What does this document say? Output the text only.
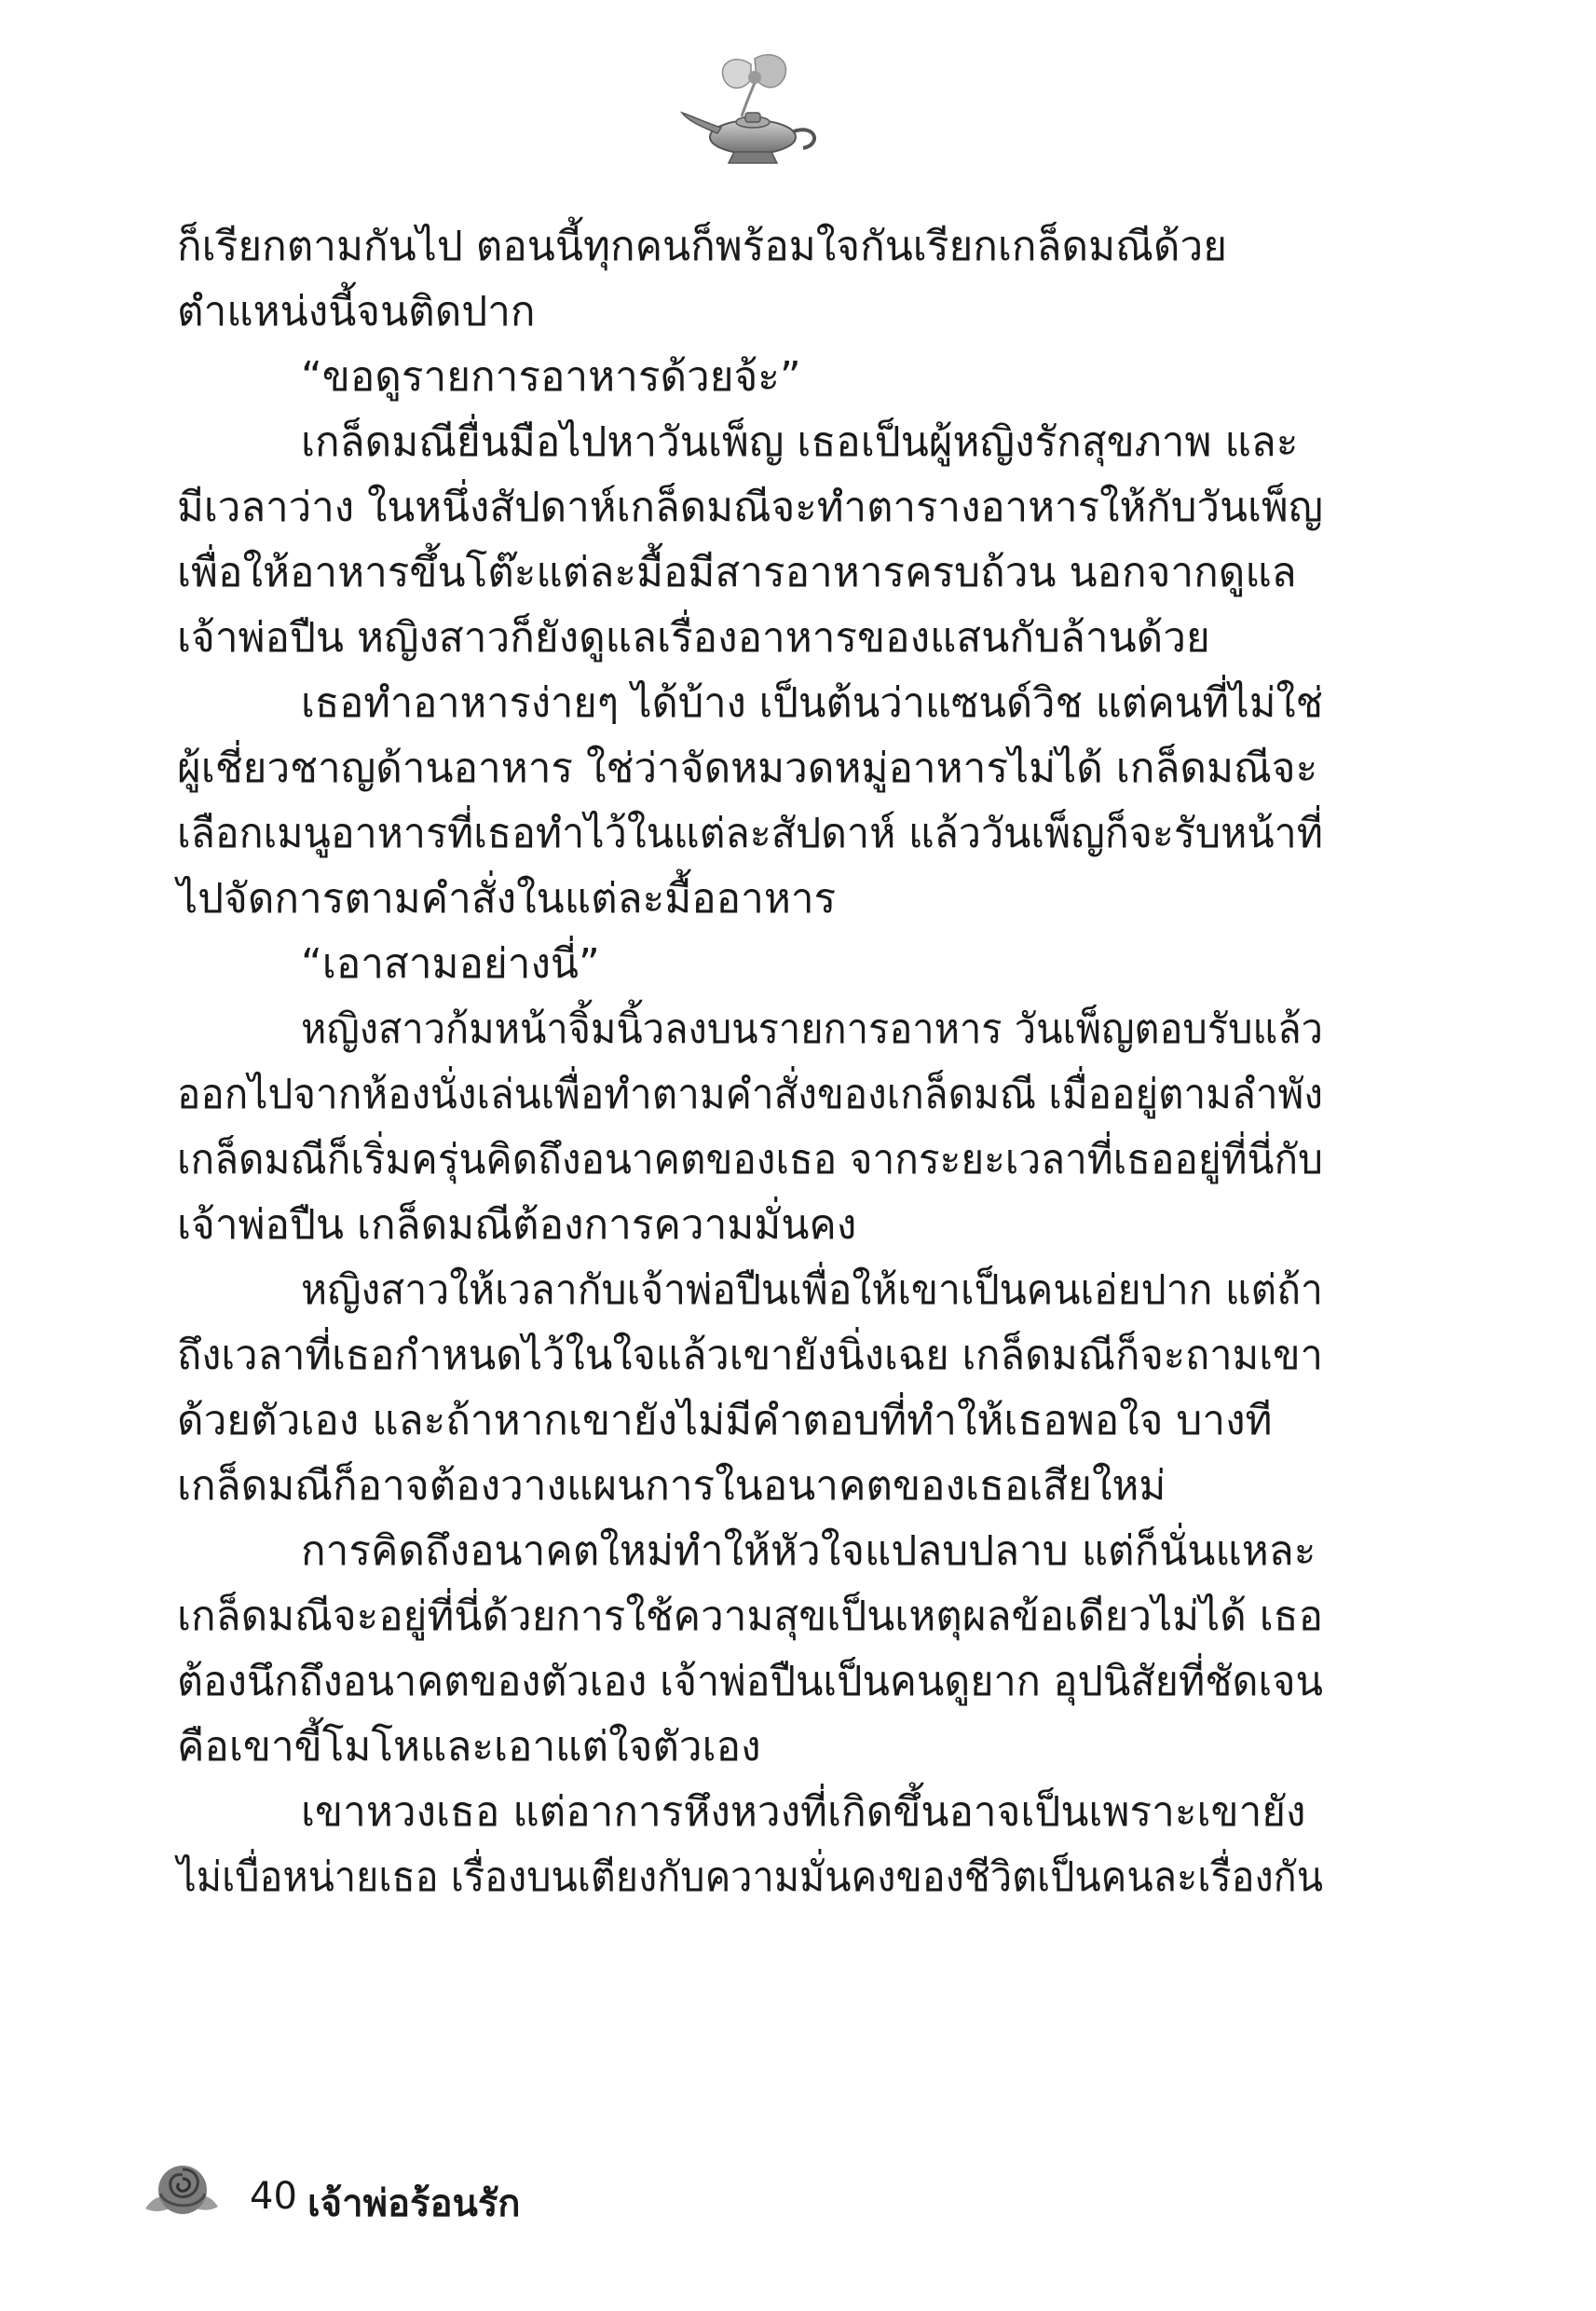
ก็เรียกตามกันไป ตอนนี้ทุกคนก็พร้อมใจกันเรียกเกล็ดมณีด้วย
ตำแหน่งนี้จนติดปาก
“ขอดูรายการอาหารด้วยจ้ะ”
เกล็ดมณียื่นมือไปหาวันเพ็ญ เธอเป็นผู้หญิงรักสุขภาพ และ
มีเวลาว่าง ในหนึ่งสัปดาห์เกล็ดมณีจะทำตารางอาหารให้กับวันเพ็ญ
เพื่อให้อาหารขึ้นโต๊ะแต่ละมื้อมีสารอาหารครบถ้วน นอกจากดูแล
เจ้าพ่อปืน หญิงสาวก็ยังดูแลเรื่องอาหารของแสนกับล้านด้วย
เธอทำอาหารง่ายๆ ได้บ้าง เป็นต้นว่าแซนด์วิช แต่คนที่ไม่ใช่
ผู้เชี่ยวชาญด้านอาหาร ใช่ว่าจัดหมวดหมู่อาหารไม่ได้ เกล็ดมณีจะ
เลือกเมนูอาหารที่เธอทำไว้ในแต่ละสัปดาห์ แล้ววันเพ็ญก็จะรับหน้าที่
ไปจัดการตามคำสั่งในแต่ละมื้ออาหาร
“เอาสามอย่างนี่”
หญิงสาวก้มหน้าจิ้มนิ้วลงบนรายการอาหาร วันเพ็ญตอบรับแล้ว
ออกไปจากห้องนั่งเล่นเพื่อทำตามคำสั่งของเกล็ดมณี เมื่ออยู่ตามลำพัง
เกล็ดมณีก็เริ่มครุ่นคิดถึงอนาคตของเธอ จากระยะเวลาที่เธออยู่ที่นี่กับ
เจ้าพ่อปืน เกล็ดมณีต้องการความมั่นคง
หญิงสาวให้เวลากับเจ้าพ่อปืนเพื่อให้เขาเป็นคนเอ่ยปาก แต่ถ้า
ถึงเวลาที่เธอกำหนดไว้ในใจแล้วเขายังนิ่งเฉย เกล็ดมณีก็จะถามเขา
ด้วยตัวเอง และถ้าหากเขายังไม่มีคำตอบที่ทำให้เธอพอใจ บางที
เกล็ดมณีก็อาจต้องวางแผนการในอนาคตของเธอเสียใหม่
การคิดถึงอนาคตใหม่ทำให้หัวใจแปลบปลาบ แต่ก็นั่นแหละ
เกล็ดมณีจะอยู่ที่นี่ด้วยการใช้ความสุขเป็นเหตุผลข้อเดียวไม่ได้ เธอ
ต้องนึกถึงอนาคตของตัวเอง เจ้าพ่อปืนเป็นคนดูยาก อุปนิสัยที่ชัดเจน
คือเขาขี้โมโหและเอาแต่ใจตัวเอง
เขาหวงเธอ แต่อาการหึงหวงที่เกิดขึ้นอาจเป็นเพราะเขายัง
ไม่เบื่อหน่ายเธอ เรื่องบนเตียงกับความมั่นคงของชีวิตเป็นคนละเรื่องกัน
40 เจ้าพ่อร้อนรัก
